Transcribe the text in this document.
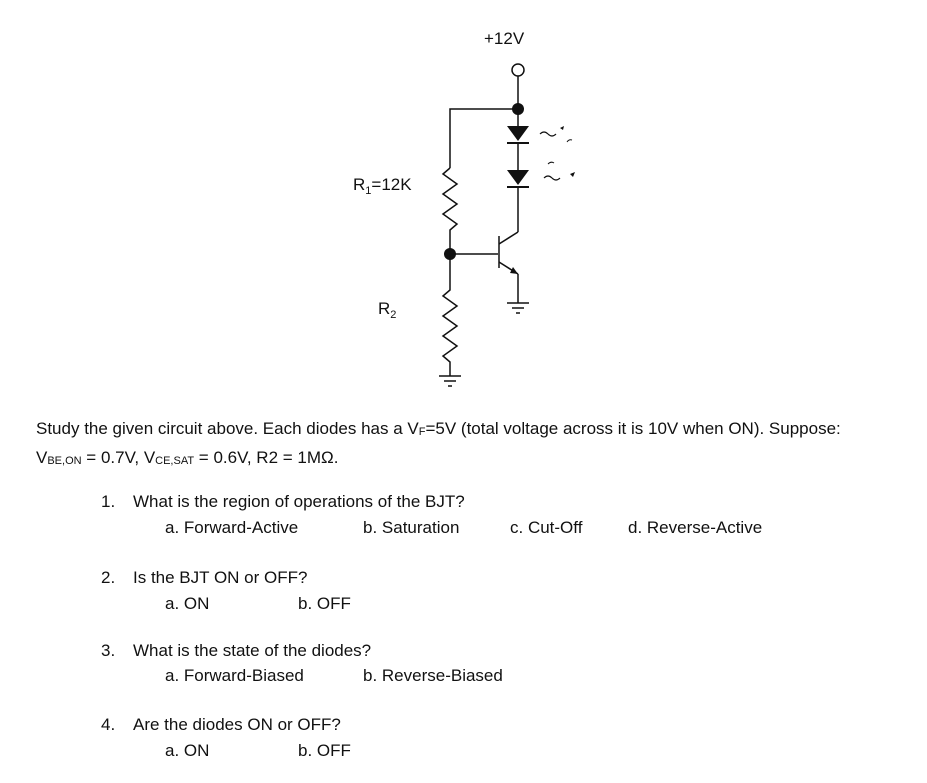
+12V
$R_1=12K$
$R_2$
Study the given circuit above. Each diodes has a VF=5V (total voltage across it is 10V when ON). Suppose:
VBE,ON = 0.7V, VCE,SAT = 0.6V, R2 = 1MΩ.
1. What is the region of operations of the BJT?
a. Forward-Active	b. Saturation	c. Cut-Off	d. Reverse-Active
2. Is the BJT ON or OFF?
a. ON	b. OFF
3. What is the state of the diodes?
a. Forward-Biased	b. Reverse-Biased
4. Are the diodes ON or OFF?
a. ON	b. OFF
